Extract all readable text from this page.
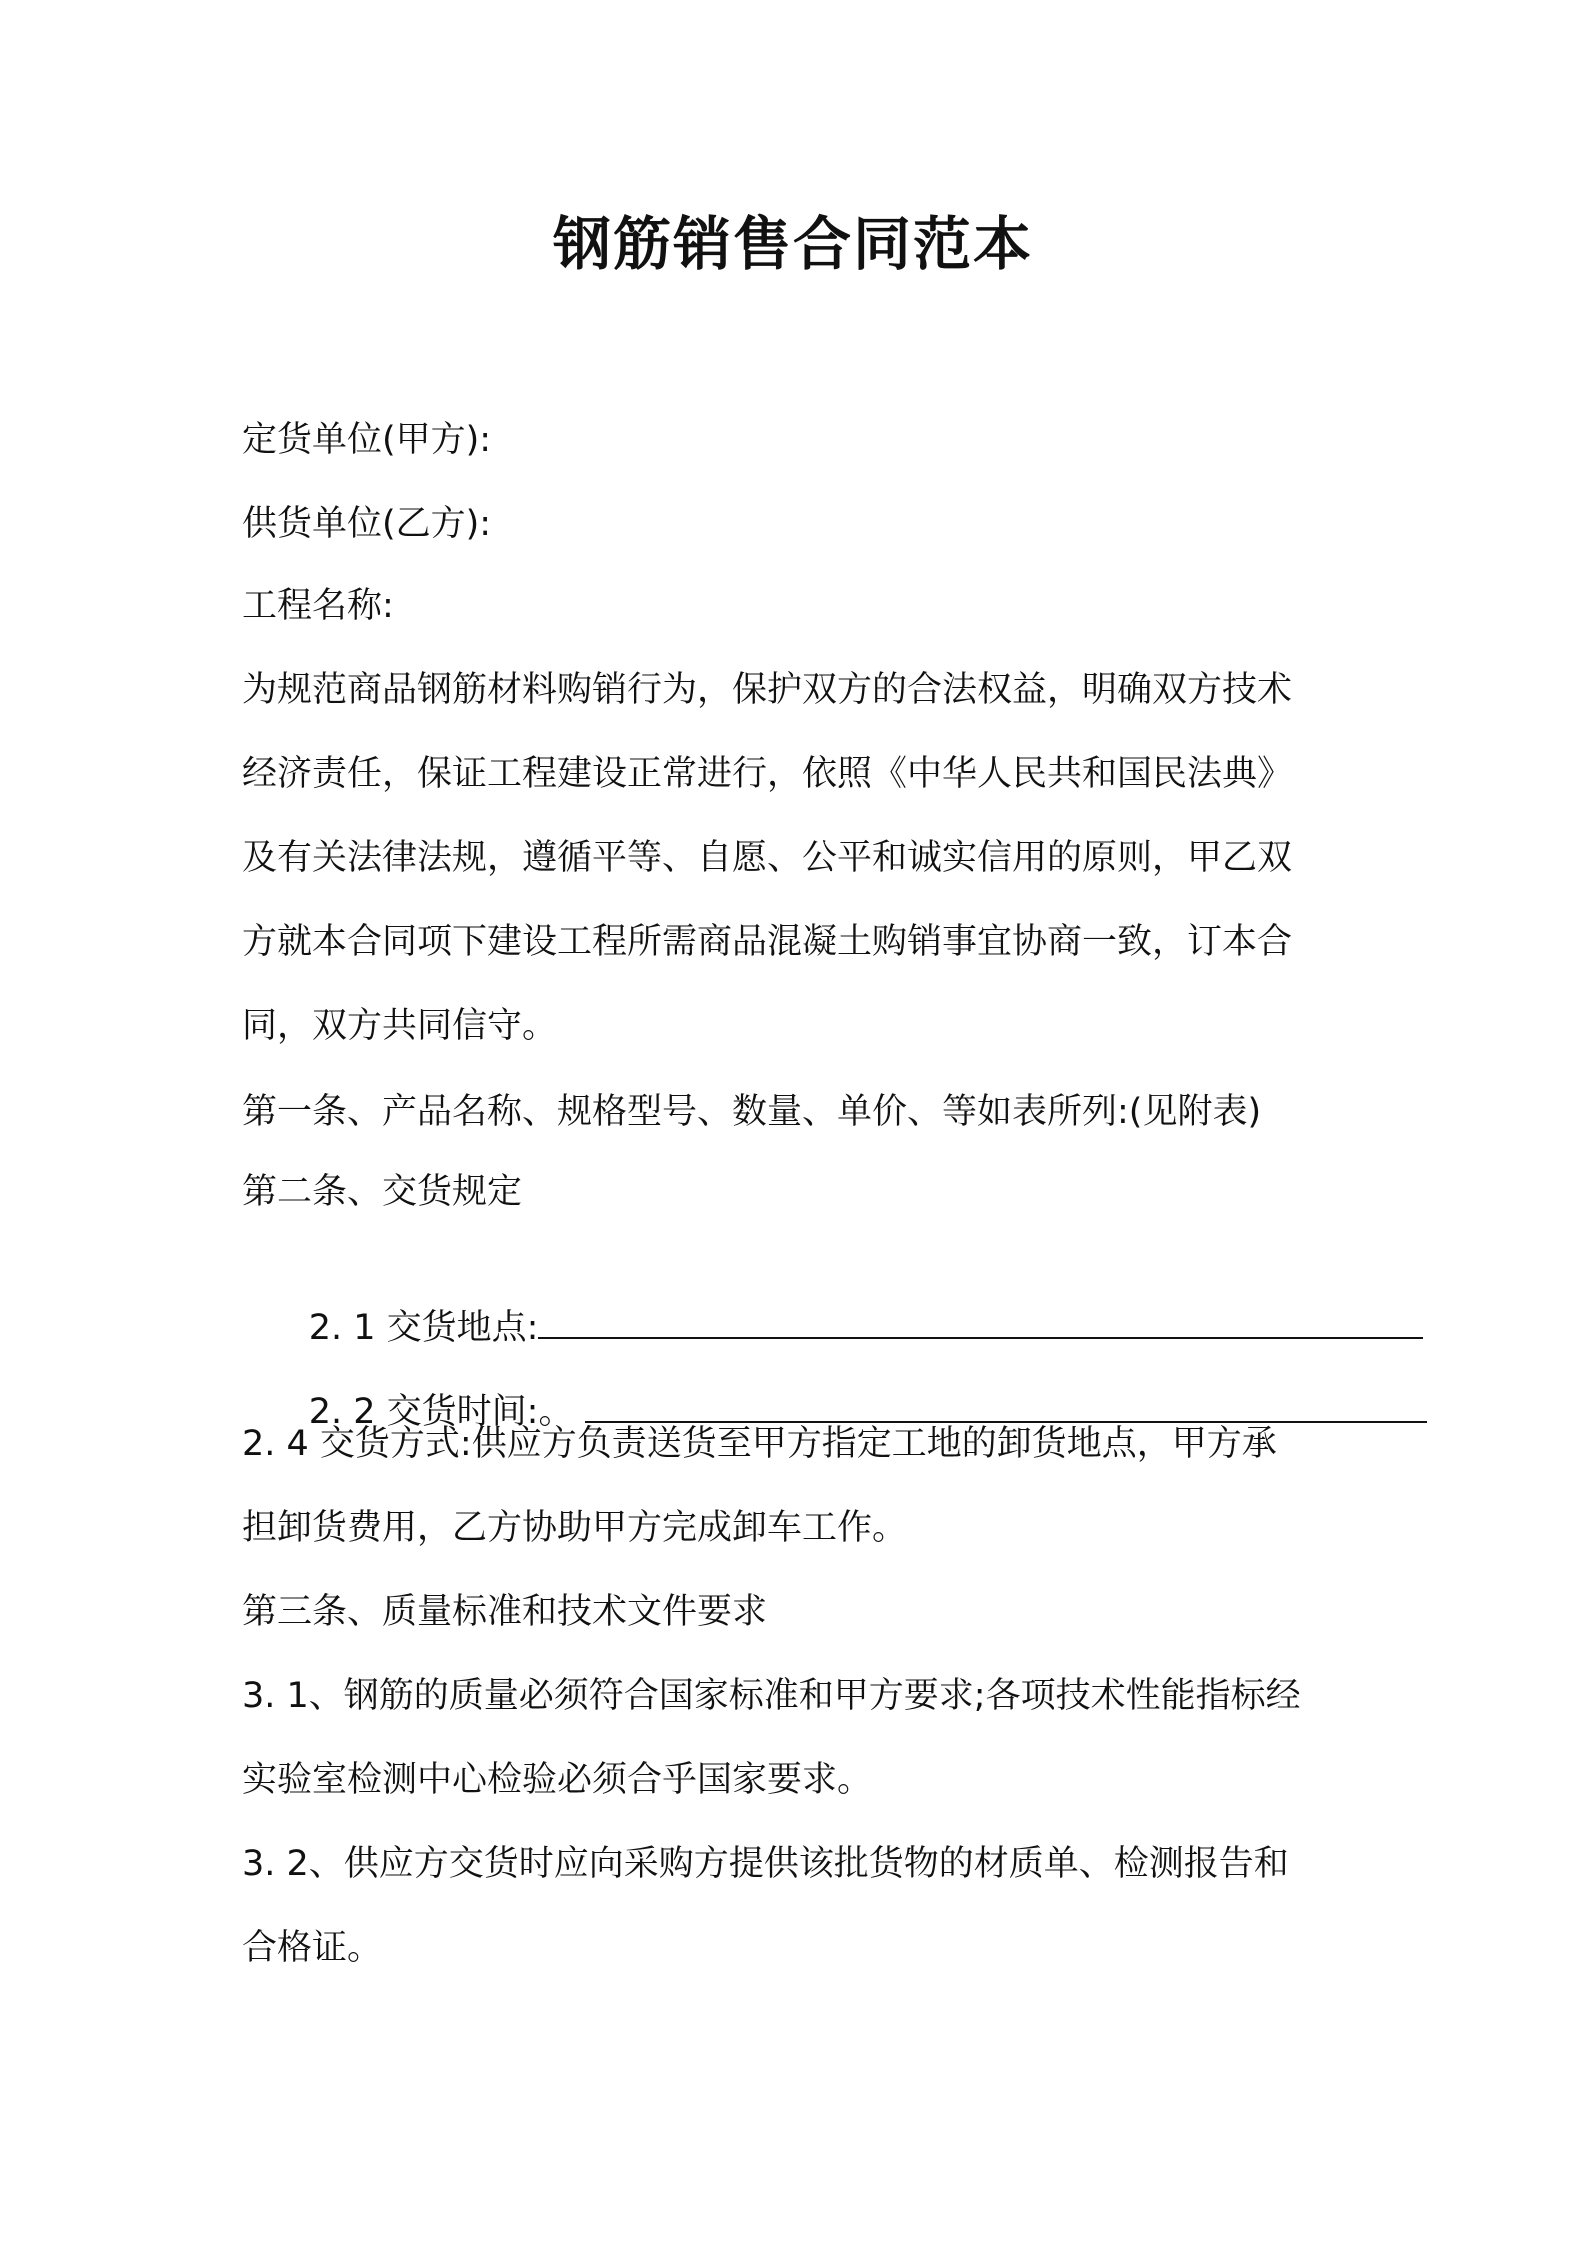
钢筋销售合同范本

定货单位(甲方):

供货单位(乙方):

工程名称:

为规范商品钢筋材料购销行为，保护双方的合法权益，明确双方技术

经济责任，保证工程建设正常进行，依照《中华人民共和国民法典》

及有关法律法规，遵循平等、自愿、公平和诚实信用的原则，甲乙双

方就本合同项下建设工程所需商品混凝土购销事宜协商一致，订本合

同，双方共同信守。

第一条、产品名称、规格型号、数量、单价、等如表所列:(见附表)

第二条、交货规定

2. 1 交货地点:

2. 2 交货时间:。

2. 4 交货方式:供应方负责送货至甲方指定工地的卸货地点，甲方承

担卸货费用，乙方协助甲方完成卸车工作。

第三条、质量标准和技术文件要求

3. 1、钢筋的质量必须符合国家标准和甲方要求;各项技术性能指标经

实验室检测中心检验必须合乎国家要求。

3. 2、供应方交货时应向采购方提供该批货物的材质单、检测报告和

合格证。
